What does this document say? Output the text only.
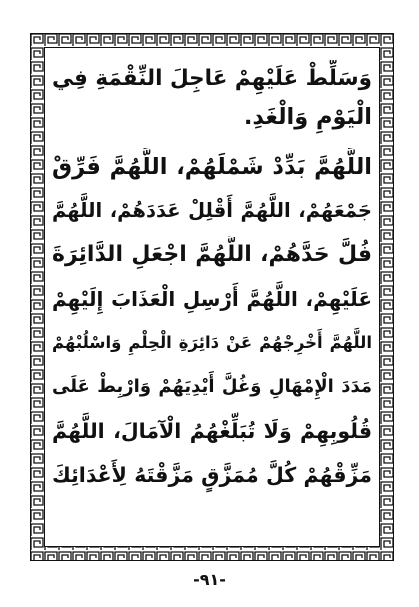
وَسَلِّطْ عَلَيْهِمْ عَاجِلَ النِّقْمَةِ فِي
الْيَوْمِ وَالْغَدِ.
اللَّهُمَّ بَدِّدْ شَمْلَهُمْ، اللَّهُمَّ فَرِّقْ
جَمْعَهُمْ، اللَّهُمَّ أَقْلِلْ عَدَدَهُمْ، اللَّهُمَّ
فُلَّ حَدَّهُمْ، اللَّهُمَّ اجْعَلِ الدَّائِرَةَ
عَلَيْهِمْ، اللَّهُمَّ أَرْسِلِ الْعَذَابَ إِلَيْهِمْ
اللَّهُمَّ أَخْرِجْهُمْ عَنْ دَائِرَةِ الْحِلْمِ وَاسْلُبْهُمْ
مَدَدَ الْإِمْهَالِ وَغُلَّ أَيْدِيَهُمْ وَارْبِطْ عَلَى
قُلُوبِهِمْ وَلَا تُبَلِّغْهُمُ الْآمَالَ، اللَّهُمَّ
مَزِّقْهُمْ كُلَّ مُمَزَّقٍ مَزَّقْتَهُ لِأَعْدَائِكَ
-٩١-
